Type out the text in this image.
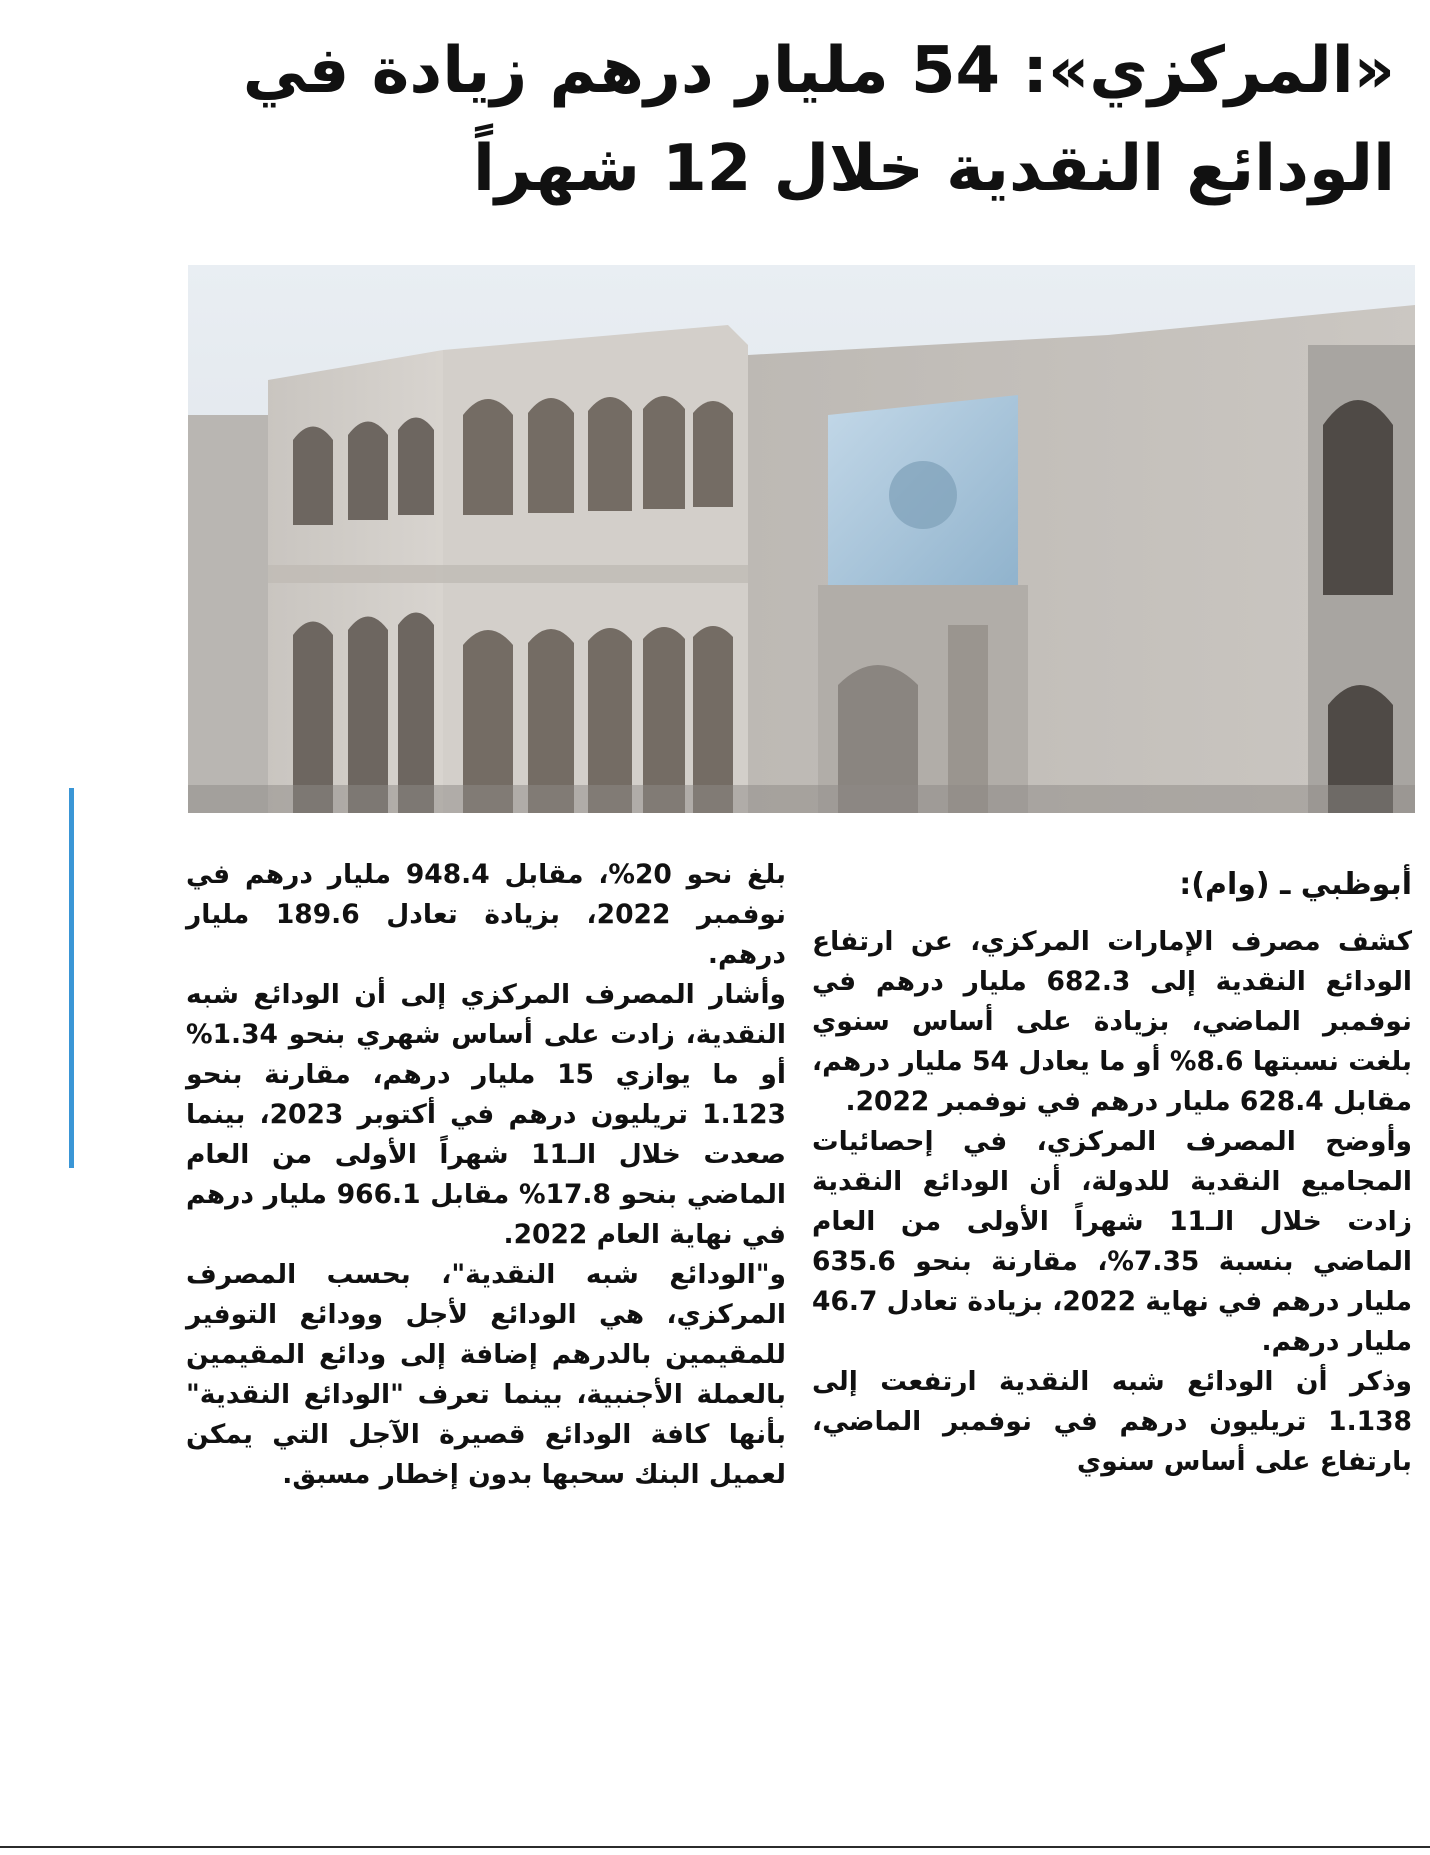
«المركزي»: 54 مليار درهم زيادة في
الودائع النقدية خلال 12 شهراً

أبوظبي ـ (وام):

كشف مصرف الإمارات المركزي، عن ارتفاع الودائع النقدية إلى 682.3 مليار درهم في نوفمبر الماضي، بزيادة على أساس سنوي بلغت نسبتها 8.6% أو ما يعادل 54 مليار درهم، مقابل 628.4 مليار درهم في نوفمبر 2022.

وأوضح المصرف المركزي، في إحصائيات المجاميع النقدية للدولة، أن الودائع النقدية زادت خلال الـ11 شهراً الأولى من العام الماضي بنسبة 7.35%، مقارنة بنحو 635.6 مليار درهم في نهاية 2022، بزيادة تعادل 46.7 مليار درهم.

وذكر أن الودائع شبه النقدية ارتفعت إلى 1.138 تريليون درهم في نوفمبر الماضي، بارتفاع على أساس سنوي

بلغ نحو 20%، مقابل 948.4 مليار درهم في نوفمبر 2022، بزيادة تعادل 189.6 مليار درهم.

وأشار المصرف المركزي إلى أن الودائع شبه النقدية، زادت على أساس شهري بنحو 1.34% أو ما يوازي 15 مليار درهم، مقارنة بنحو 1.123 تريليون درهم في أكتوبر 2023، بينما صعدت خلال الـ11 شهراً الأولى من العام الماضي بنحو 17.8% مقابل 966.1 مليار درهم في نهاية العام 2022.

و"الودائع شبه النقدية"، بحسب المصرف المركزي، هي الودائع لأجل وودائع التوفير للمقيمين بالدرهم إضافة إلى ودائع المقيمين بالعملة الأجنبية، بينما تعرف "الودائع النقدية" بأنها كافة الودائع قصيرة الآجل التي يمكن لعميل البنك سحبها بدون إخطار مسبق.
